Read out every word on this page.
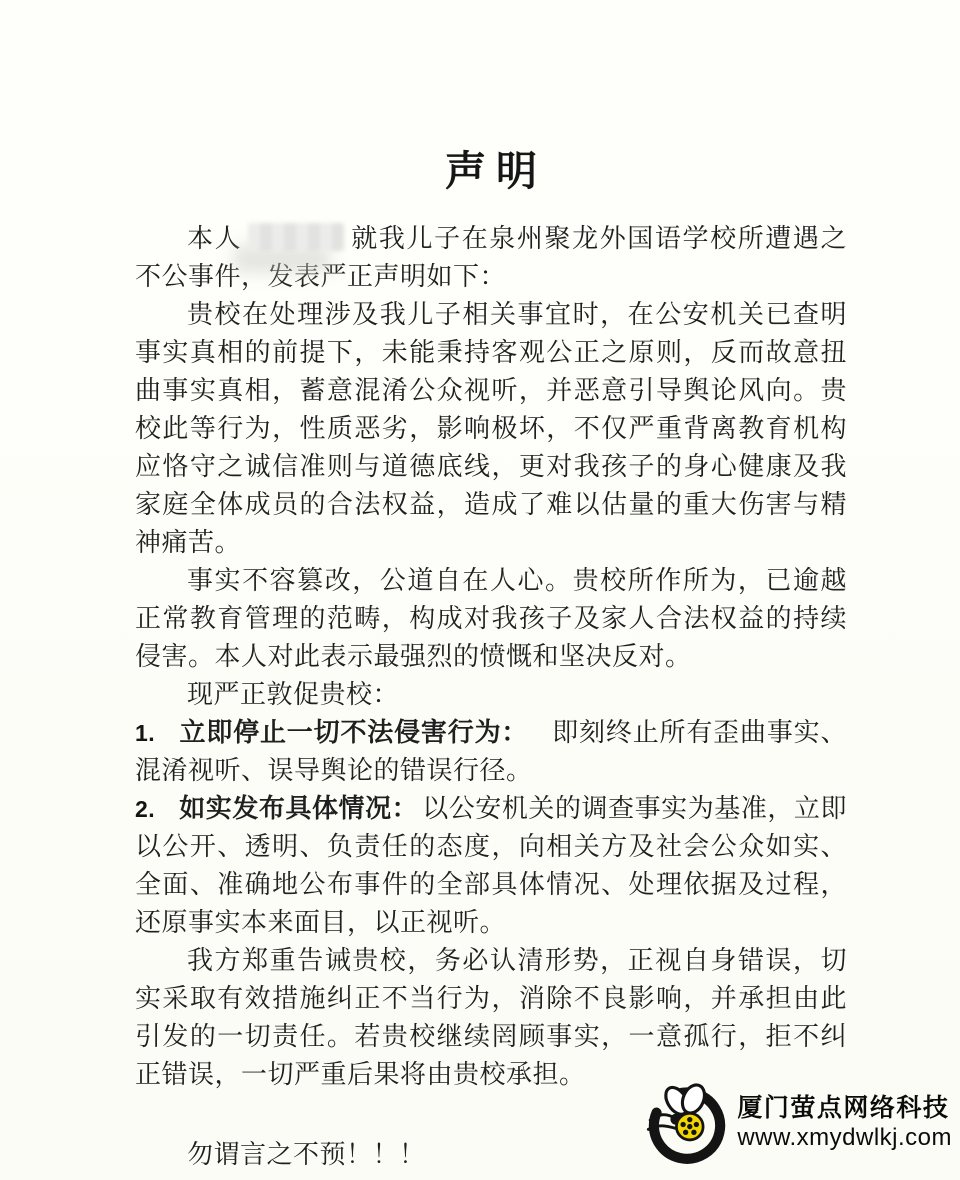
声明

本人	就我儿子在泉州聚龙外国语学校所遭遇之不公事件，发表严正声明如下：

贵校在处理涉及我儿子相关事宜时，在公安机关已查明事实真相的前提下，未能秉持客观公正之原则，反而故意扭曲事实真相，蓄意混淆公众视听，并恶意引导舆论风向。贵校此等行为，性质恶劣，影响极坏，不仅严重背离教育机构应恪守之诚信准则与道德底线，更对我孩子的身心健康及我家庭全体成员的合法权益，造成了难以估量的重大伤害与精神痛苦。

事实不容篡改，公道自在人心。贵校所作所为，已逾越正常教育管理的范畴，构成对我孩子及家人合法权益的持续侵害。本人对此表示最强烈的愤慨和坚决反对。

现严正敦促贵校：

1. 立即停止一切不法侵害行为： 即刻终止所有歪曲事实、混淆视听、误导舆论的错误行径。

2. 如实发布具体情况： 以公安机关的调查事实为基准，立即以公开、透明、负责任的态度，向相关方及社会公众如实、全面、准确地公布事件的全部具体情况、处理依据及过程，还原事实本来面目，以正视听。

我方郑重告诫贵校，务必认清形势，正视自身错误，切实采取有效措施纠正不当行为，消除不良影响，并承担由此引发的一切责任。若贵校继续罔顾事实，一意孤行，拒不纠正错误，一切严重后果将由贵校承担。

勿谓言之不预！！！

厦门萤点网络科技
www.xmydwlkj.com
